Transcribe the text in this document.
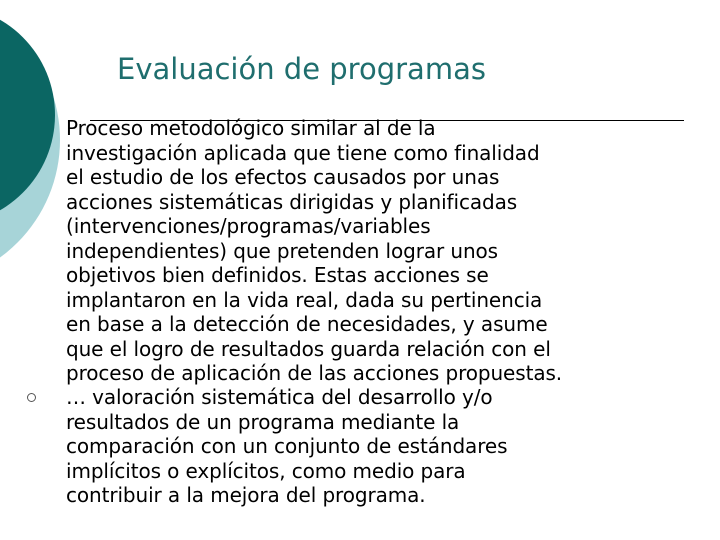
Evaluación de programas

Proceso metodológico similar al de la
investigación aplicada que tiene como finalidad
el estudio de los efectos causados por unas
acciones sistemáticas dirigidas y planificadas
(intervenciones/programas/variables
independientes) que pretenden lograr unos
objetivos bien definidos. Estas acciones se
implantaron en la vida real, dada su pertinencia
en base a la detección de necesidades, y asume
que el logro de resultados guarda relación con el
proceso de aplicación de las acciones propuestas.

… valoración sistemática del desarrollo y/o
resultados de un programa mediante la
comparación con un conjunto de estándares
implícitos o explícitos, como medio para
contribuir a la mejora del programa.
